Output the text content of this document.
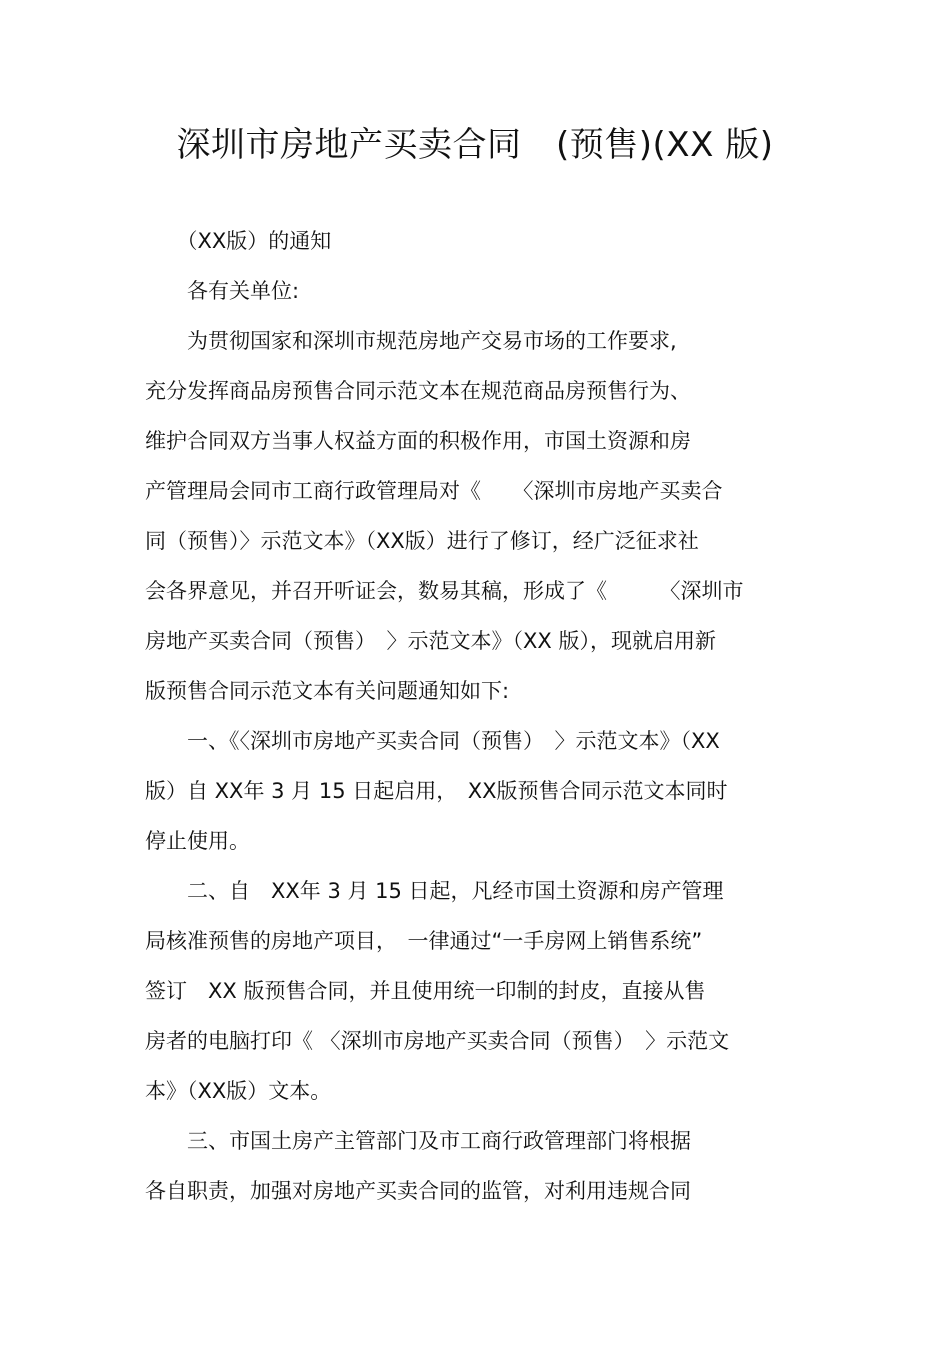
深圳市房地产买卖合同　(预售)(XX 版)
　　（XX版）的通知
　　各有关单位:
　　为贯彻国家和深圳市规范房地产交易市场的工作要求,
充分发挥商品房预售合同示范文本在规范商品房预售行为、
维护合同双方当事人权益方面的积极作用，市国土资源和房
产管理局会同市工商行政管理局对《　　〈深圳市房地产买卖合
同（预售）〉示范文本》（XX版）进行了修订，经广泛征求社
会各界意见，并召开听证会，数易其稿，形成了《　　　〈深圳市
房地产买卖合同（预售）　〉示范文本》（XX 版），现就启用新
版预售合同示范文本有关问题通知如下:
　　一、《〈深圳市房地产买卖合同（预售）　〉示范文本》（XX
版）自 XX年 3 月 15 日起启用，　XX版预售合同示范文本同时
停止使用。
　　二、自　XX年 3 月 15 日起，凡经市国土资源和房产管理
局核准预售的房地产项目，　一律通过“一手房网上销售系统”
签订　XX 版预售合同，并且使用统一印制的封皮，直接从售
房者的电脑打印《 〈深圳市房地产买卖合同（预售）　〉示范文
本》（XX版）文本。
　　三、市国土房产主管部门及市工商行政管理部门将根据
各自职责，加强对房地产买卖合同的监管，对利用违规合同
